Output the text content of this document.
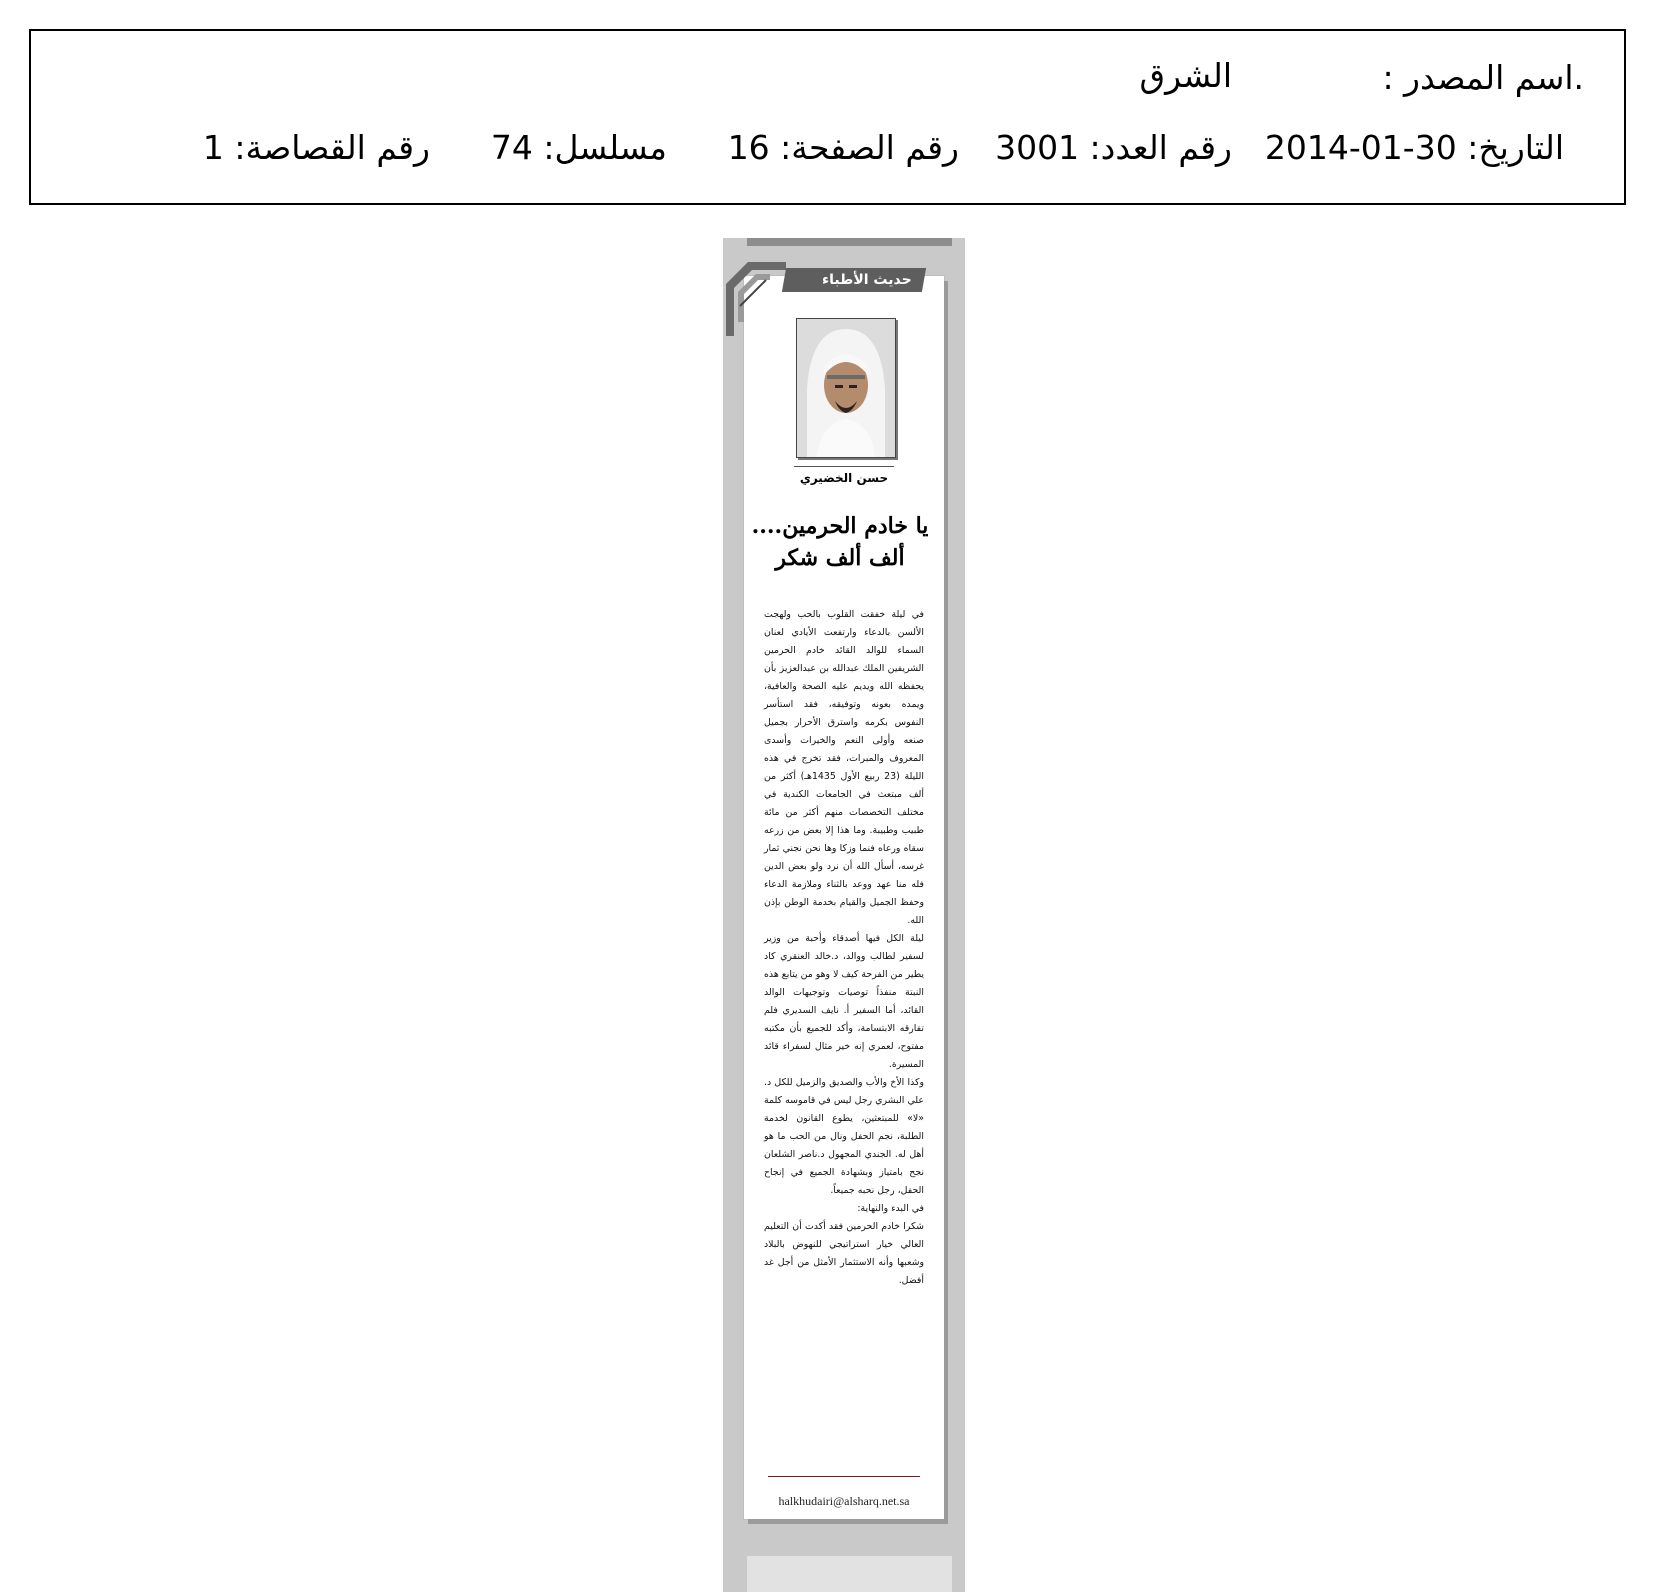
.اسم المصدر :
الشرق
التاريخ: 30-01-2014
رقم العدد: 3001
رقم الصفحة: 16
مسلسل: 74
رقم القصاصة: 1
حديث الأطباء
حسن الخضيري
يا خادم الحرمين....
ألف ألف شكر

في ليلة خفقت القلوب بالحب ولهجت الألسن بالدعاء وارتفعت الأيادي لعنان السماء للوالد القائد خادم الحرمين الشريفين الملك عبدالله بن عبدالعزيز بأن يحفظه الله ويديم عليه الصحة والعافية، ويمده بعونه وتوفيقه، فقد استأسر النفوس بكرمه واسترق الأحرار بجميل صنعه وأولى النعم والخيرات وأسدى المعروف والمبرات، فقد تخرج في هذه الليلة (23 ربيع الأول 1435هـ) أكثر من ألف مبتعث في الجامعات الكندية في مختلف التخصصات منهم أكثر من مائة طبيب وطبيبة. وما هذا إلا بعض من زرعه سقاه ورعاه فنما وزكا وها نحن نجني ثمار غرسه، أسأل الله أن نرد ولو بعض الدين فله منا عهد ووعد بالثناء وملازمة الدعاء وحفظ الجميل والقيام بخدمة الوطن بإذن الله.

ليلة الكل فيها أصدقاء وأحبة من وزير لسفير لطالب ووالد، د.خالد العنقري كاد يطير من الفرحة كيف لا وهو من يتابع هذه النبتة منفذاً توصيات وتوجيهات الوالد القائد، أما السفير أ. نايف السديري فلم تفارقه الابتسامة، وأكد للجميع بأن مكتبه مفتوح، لعمري إنه خير مثال لسفراء قائد المسيرة.

وكذا الأخ والأب والصديق والزميل للكل د. علي البشري رجل ليس في قاموسه كلمة «لا» للمبتعثين، يطوع القانون لخدمة الطلبة، نجم الحفل ونال من الحب ما هو أهل له. الجندي المجهول د.ناصر الشلعان نجح بامتياز وبشهادة الجميع في إنجاح الحفل، رجل نحبه جميعاً.

في البدء والنهاية:

شكرا خادم الحرمين فقد أكدت أن التعليم العالي خيار استراتيجي للنهوض بالبلاد وشعبها وأنه الاستثمار الأمثل من أجل غد أفضل.

halkhudairi@alsharq.net.sa
